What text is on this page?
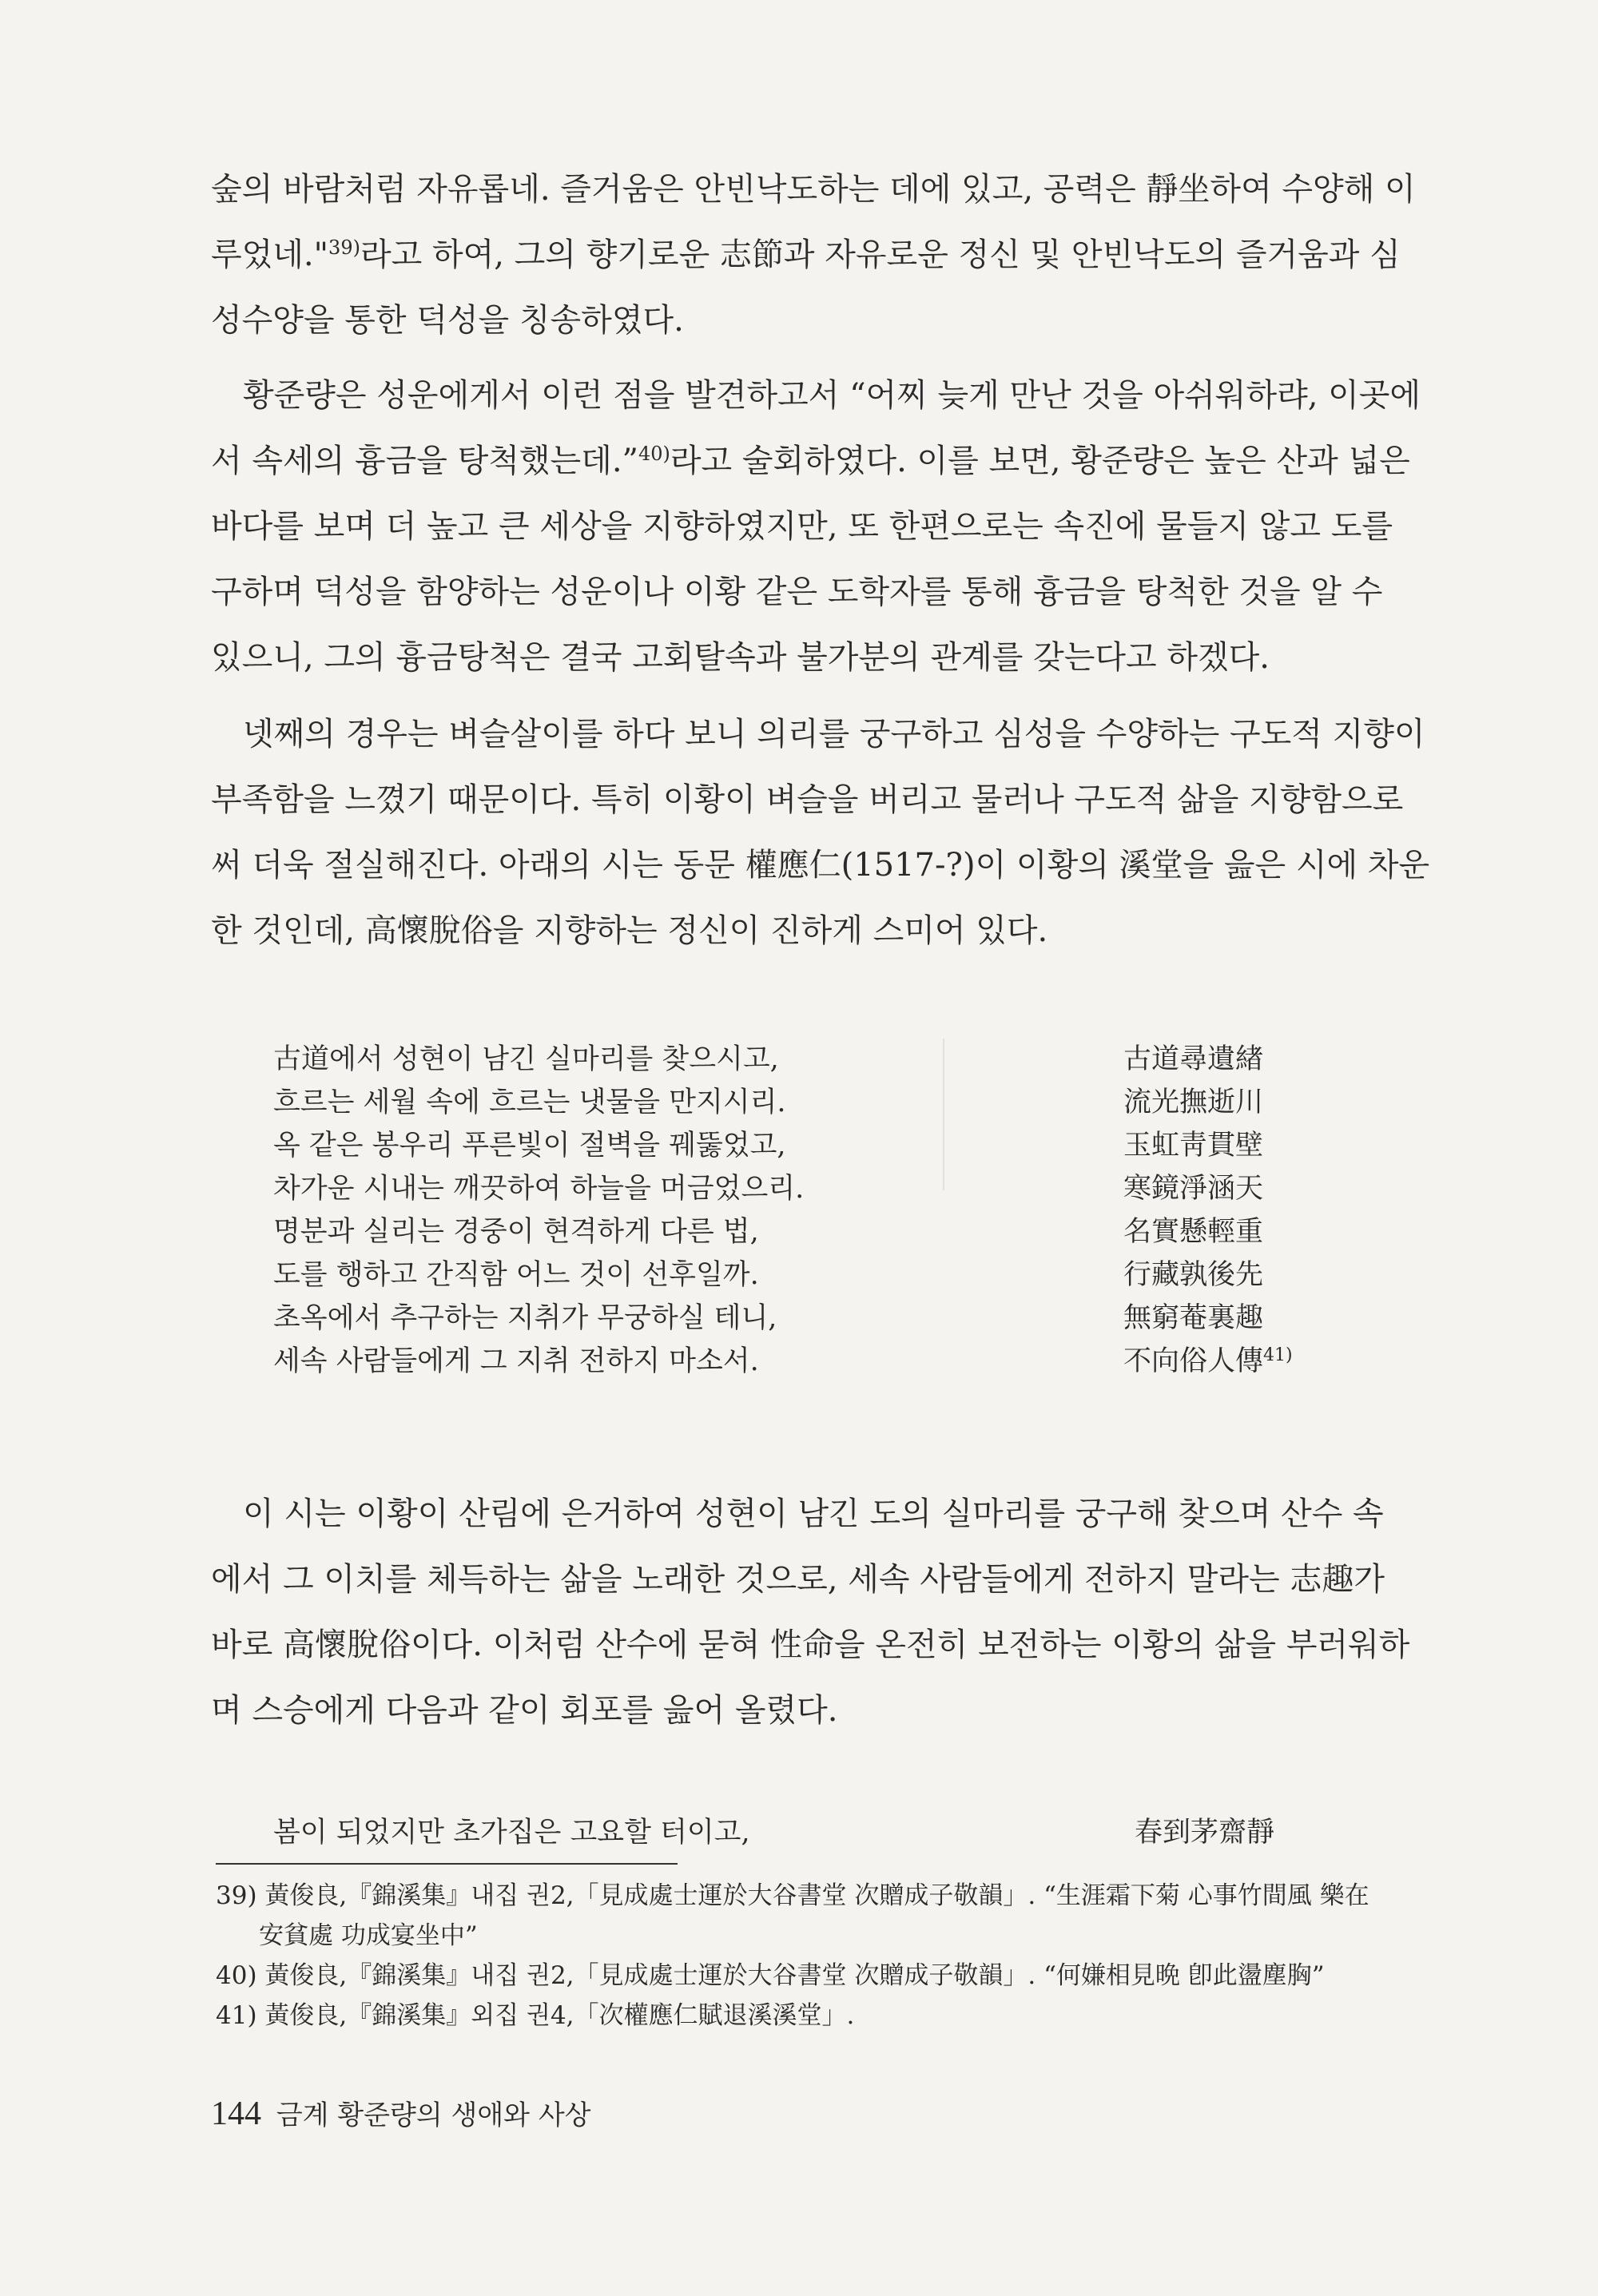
숲의 바람처럼 자유롭네. 즐거움은 안빈낙도하는 데에 있고, 공력은 靜坐하여 수양해 이
루었네."$^{39)}$라고 하여, 그의 향기로운 志節과 자유로운 정신 및 안빈낙도의 즐거움과 심
성수양을 통한 덕성을 칭송하였다.
황준량은 성운에게서 이런 점을 발견하고서 “어찌 늦게 만난 것을 아쉬워하랴, 이곳에
서 속세의 흉금을 탕척했는데.”$^{40)}$라고 술회하였다. 이를 보면, 황준량은 높은 산과 넓은
바다를 보며 더 높고 큰 세상을 지향하였지만, 또 한편으로는 속진에 물들지 않고 도를
구하며 덕성을 함양하는 성운이나 이황 같은 도학자를 통해 흉금을 탕척한 것을 알 수
있으니, 그의 흉금탕척은 결국 고회탈속과 불가분의 관계를 갖는다고 하겠다.
넷째의 경우는 벼슬살이를 하다 보니 의리를 궁구하고 심성을 수양하는 구도적 지향이
부족함을 느꼈기 때문이다. 특히 이황이 벼슬을 버리고 물러나 구도적 삶을 지향함으로
써 더욱 절실해진다. 아래의 시는 동문 權應仁(1517-?)이 이황의 溪堂을 읊은 시에 차운
한 것인데, 高懷脫俗을 지향하는 정신이 진하게 스미어 있다.
古道에서 성현이 남긴 실마리를 찾으시고,	古道尋遺緖
흐르는 세월 속에 흐르는 냇물을 만지시리.	流光撫逝川
옥 같은 봉우리 푸른빛이 절벽을 꿰뚫었고,	玉虹靑貫壁
차가운 시내는 깨끗하여 하늘을 머금었으리.	寒鏡淨涵天
명분과 실리는 경중이 현격하게 다른 법,	名實懸輕重
도를 행하고 간직함 어느 것이 선후일까.	行藏孰後先
초옥에서 추구하는 지취가 무궁하실 테니,	無窮菴裏趣
세속 사람들에게 그 지취 전하지 마소서.	不向俗人傳$^{41)}$
이 시는 이황이 산림에 은거하여 성현이 남긴 도의 실마리를 궁구해 찾으며 산수 속
에서 그 이치를 체득하는 삶을 노래한 것으로, 세속 사람들에게 전하지 말라는 志趣가
바로 高懷脫俗이다. 이처럼 산수에 묻혀 性命을 온전히 보전하는 이황의 삶을 부러워하
며 스승에게 다음과 같이 회포를 읊어 올렸다.
봄이 되었지만 초가집은 고요할 터이고,	春到茅齋靜
39) 黃俊良,『錦溪集』내집 권2,「見成處士運於大谷書堂 次贈成子敬韻」. “生涯霜下菊 心事竹間風 樂在
安貧處 功成宴坐中”
40) 黃俊良,『錦溪集』내집 권2,「見成處士運於大谷書堂 次贈成子敬韻」. “何嫌相見晩 卽此盪塵胸”
41) 黃俊良,『錦溪集』외집 권4,「次權應仁賦退溪溪堂」.
144 금계 황준량의 생애와 사상
